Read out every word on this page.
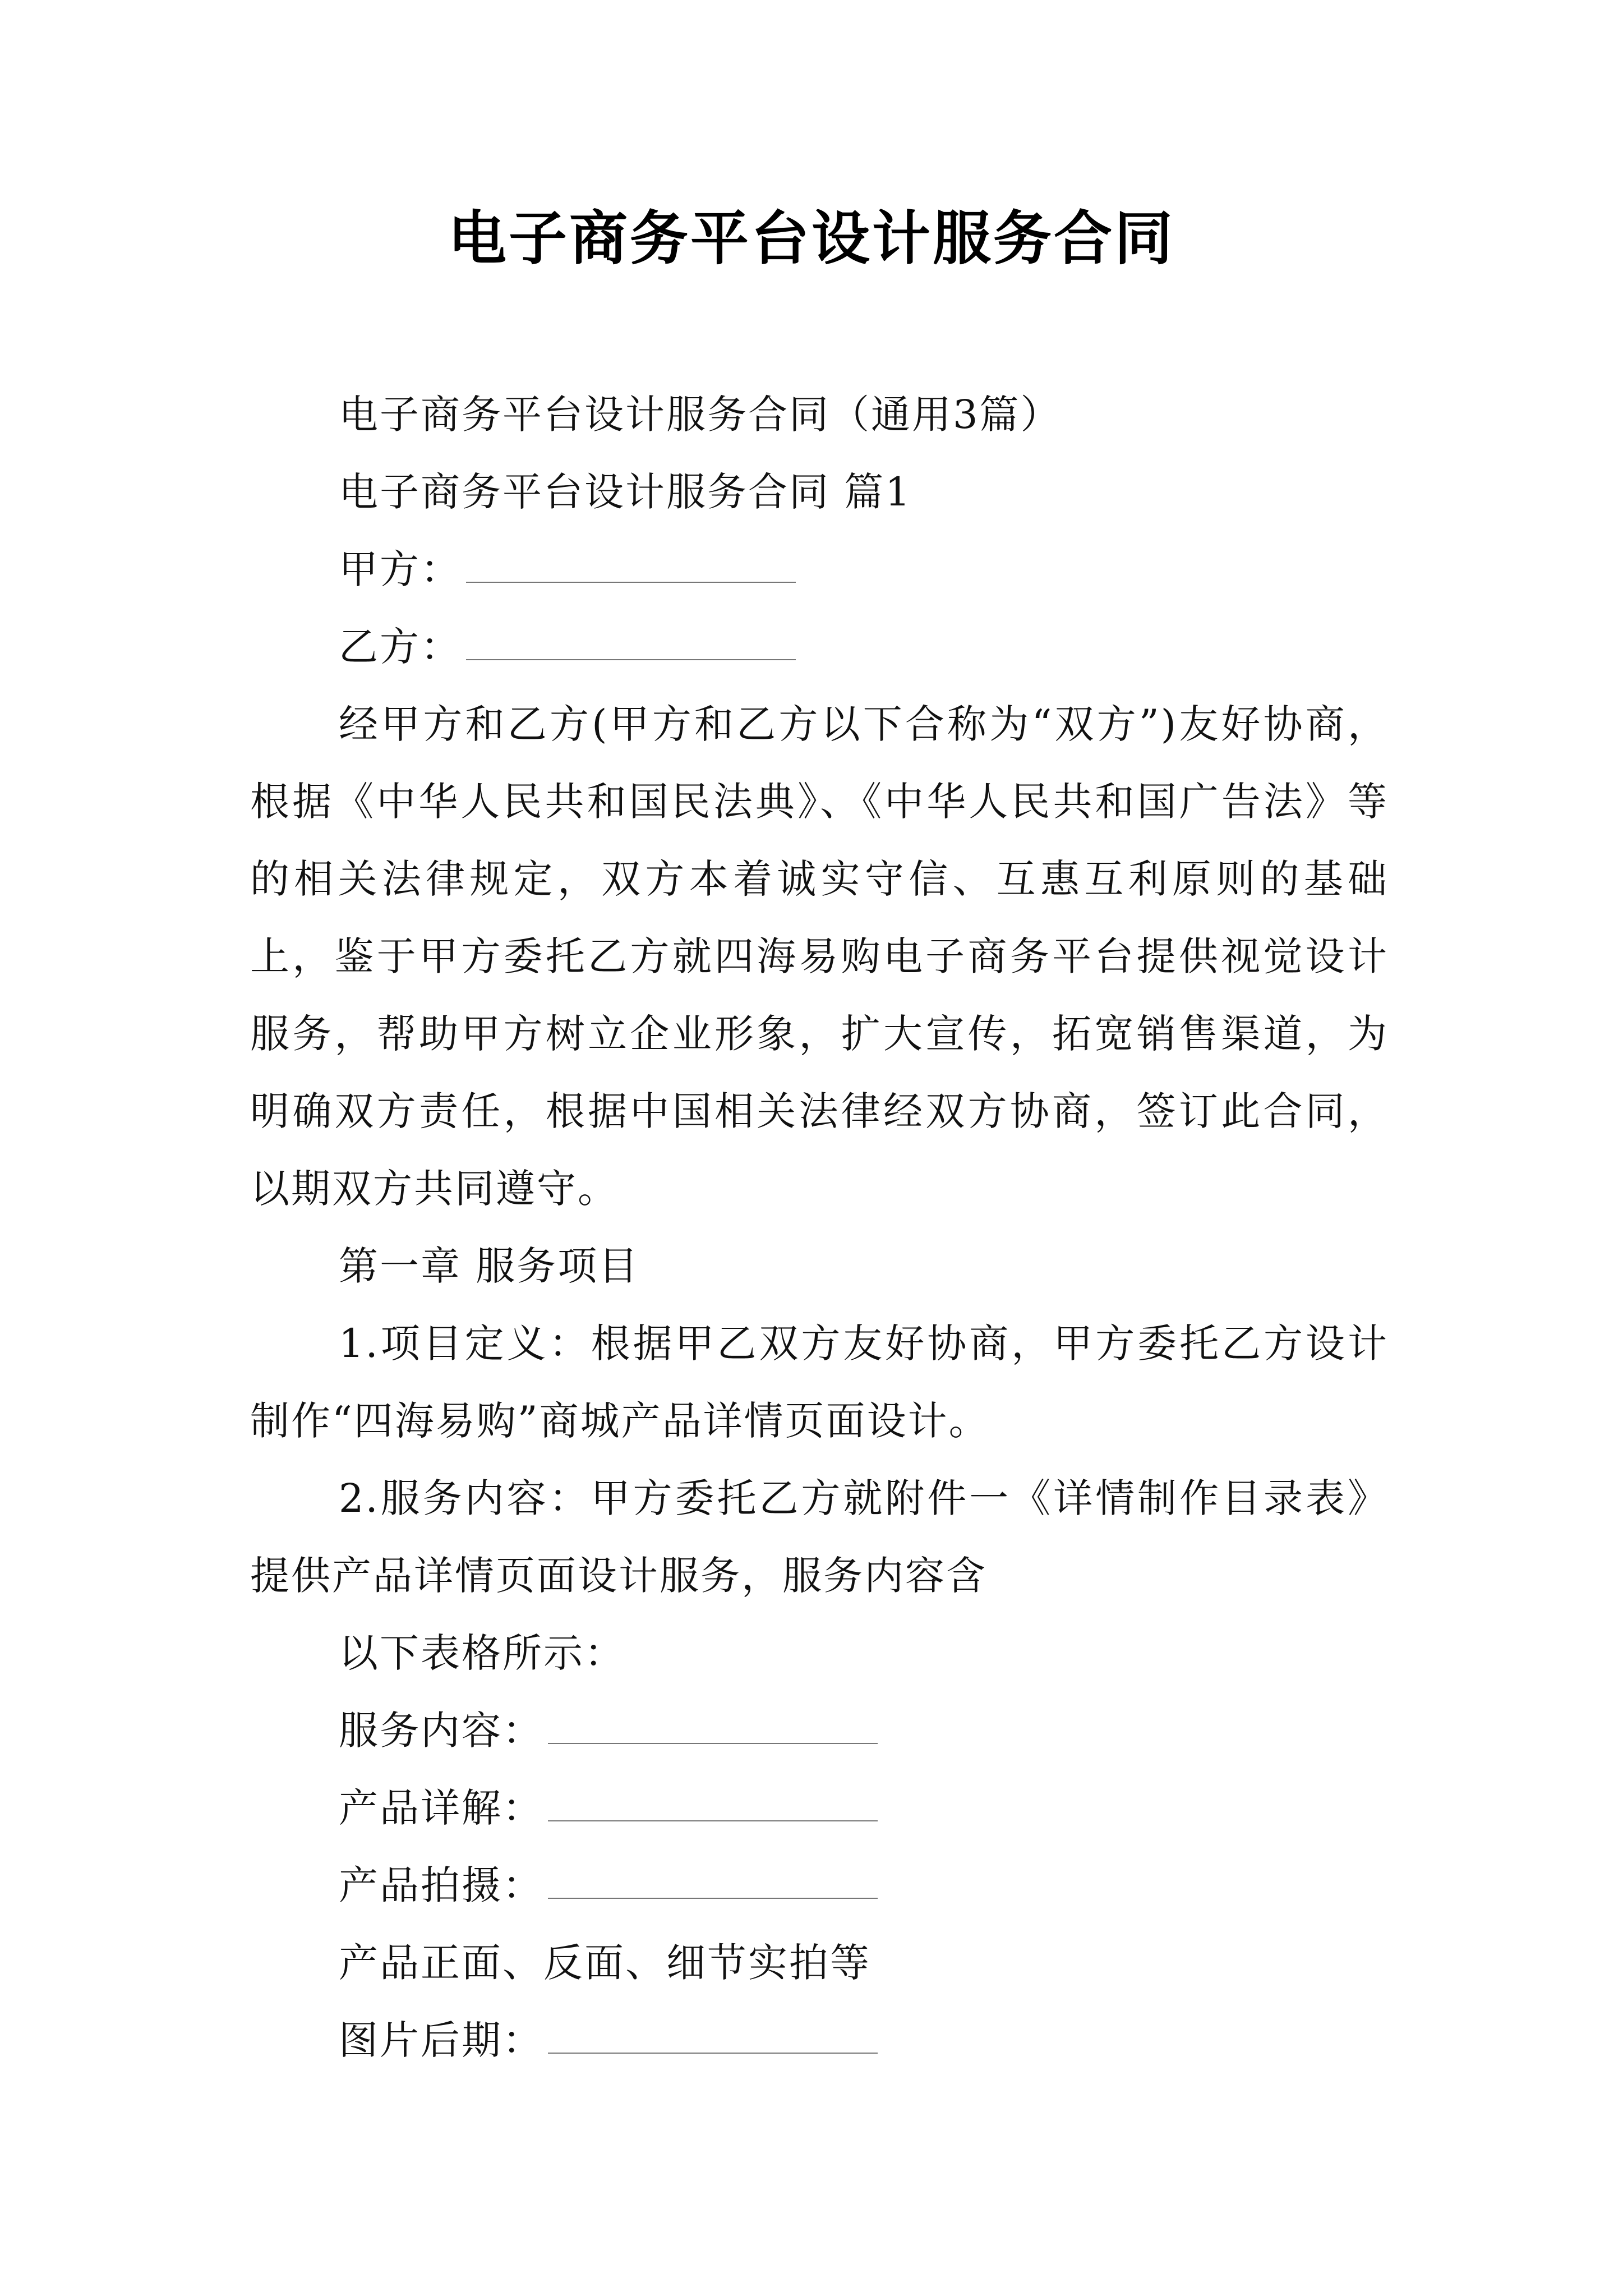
电子商务平台设计服务合同

电子商务平台设计服务合同（通用3篇）

电子商务平台设计服务合同 篇1

甲方：

乙方：

经甲方和乙方(甲方和乙方以下合称为“双方”)友好协商，根据《中华人民共和国民法典》、《中华人民共和国广告法》等的相关法律规定，双方本着诚实守信、互惠互利原则的基础上，鉴于甲方委托乙方就四海易购电子商务平台提供视觉设计服务，帮助甲方树立企业形象，扩大宣传，拓宽销售渠道，为明确双方责任，根据中国相关法律经双方协商，签订此合同，以期双方共同遵守。

第一章 服务项目

1.项目定义：根据甲乙双方友好协商，甲方委托乙方设计制作“四海易购”商城产品详情页面设计。

2.服务内容：甲方委托乙方就附件一《详情制作目录表》提供产品详情页面设计服务，服务内容含

以下表格所示：

服务内容：

产品详解：

产品拍摄：

产品正面、反面、细节实拍等

图片后期：
